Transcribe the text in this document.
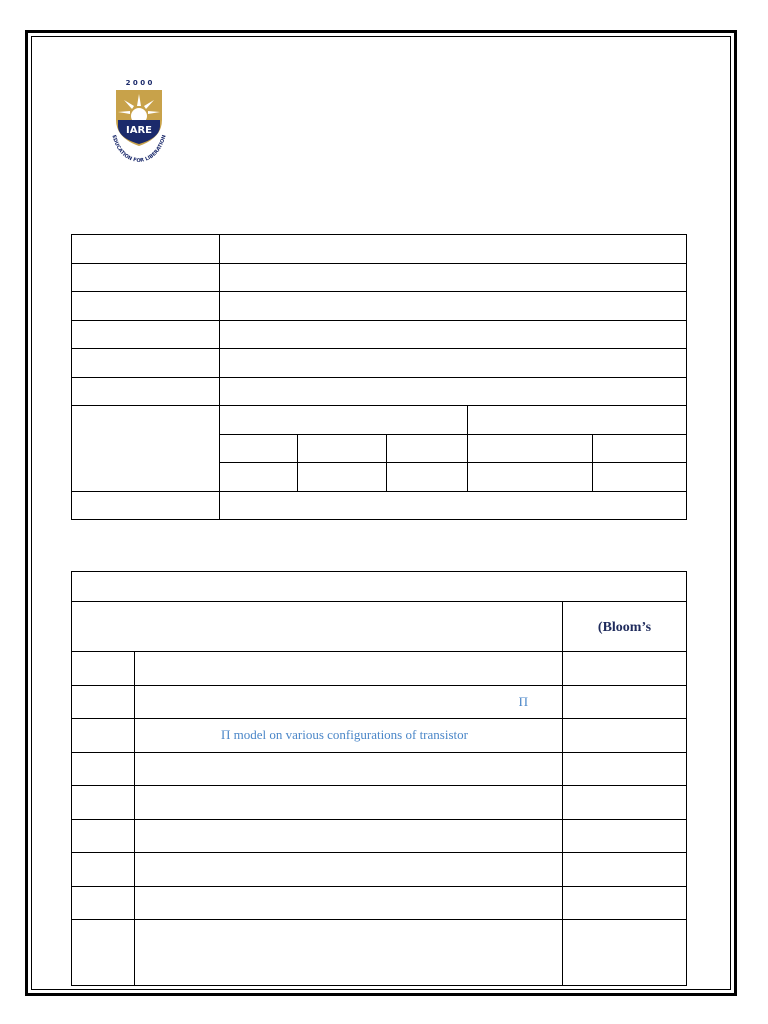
2 0 0 0
IARE
EDUCATION FOR LIBERATION

		(Bloom’s

	Π	
	Π model on various configurations of transistor	
